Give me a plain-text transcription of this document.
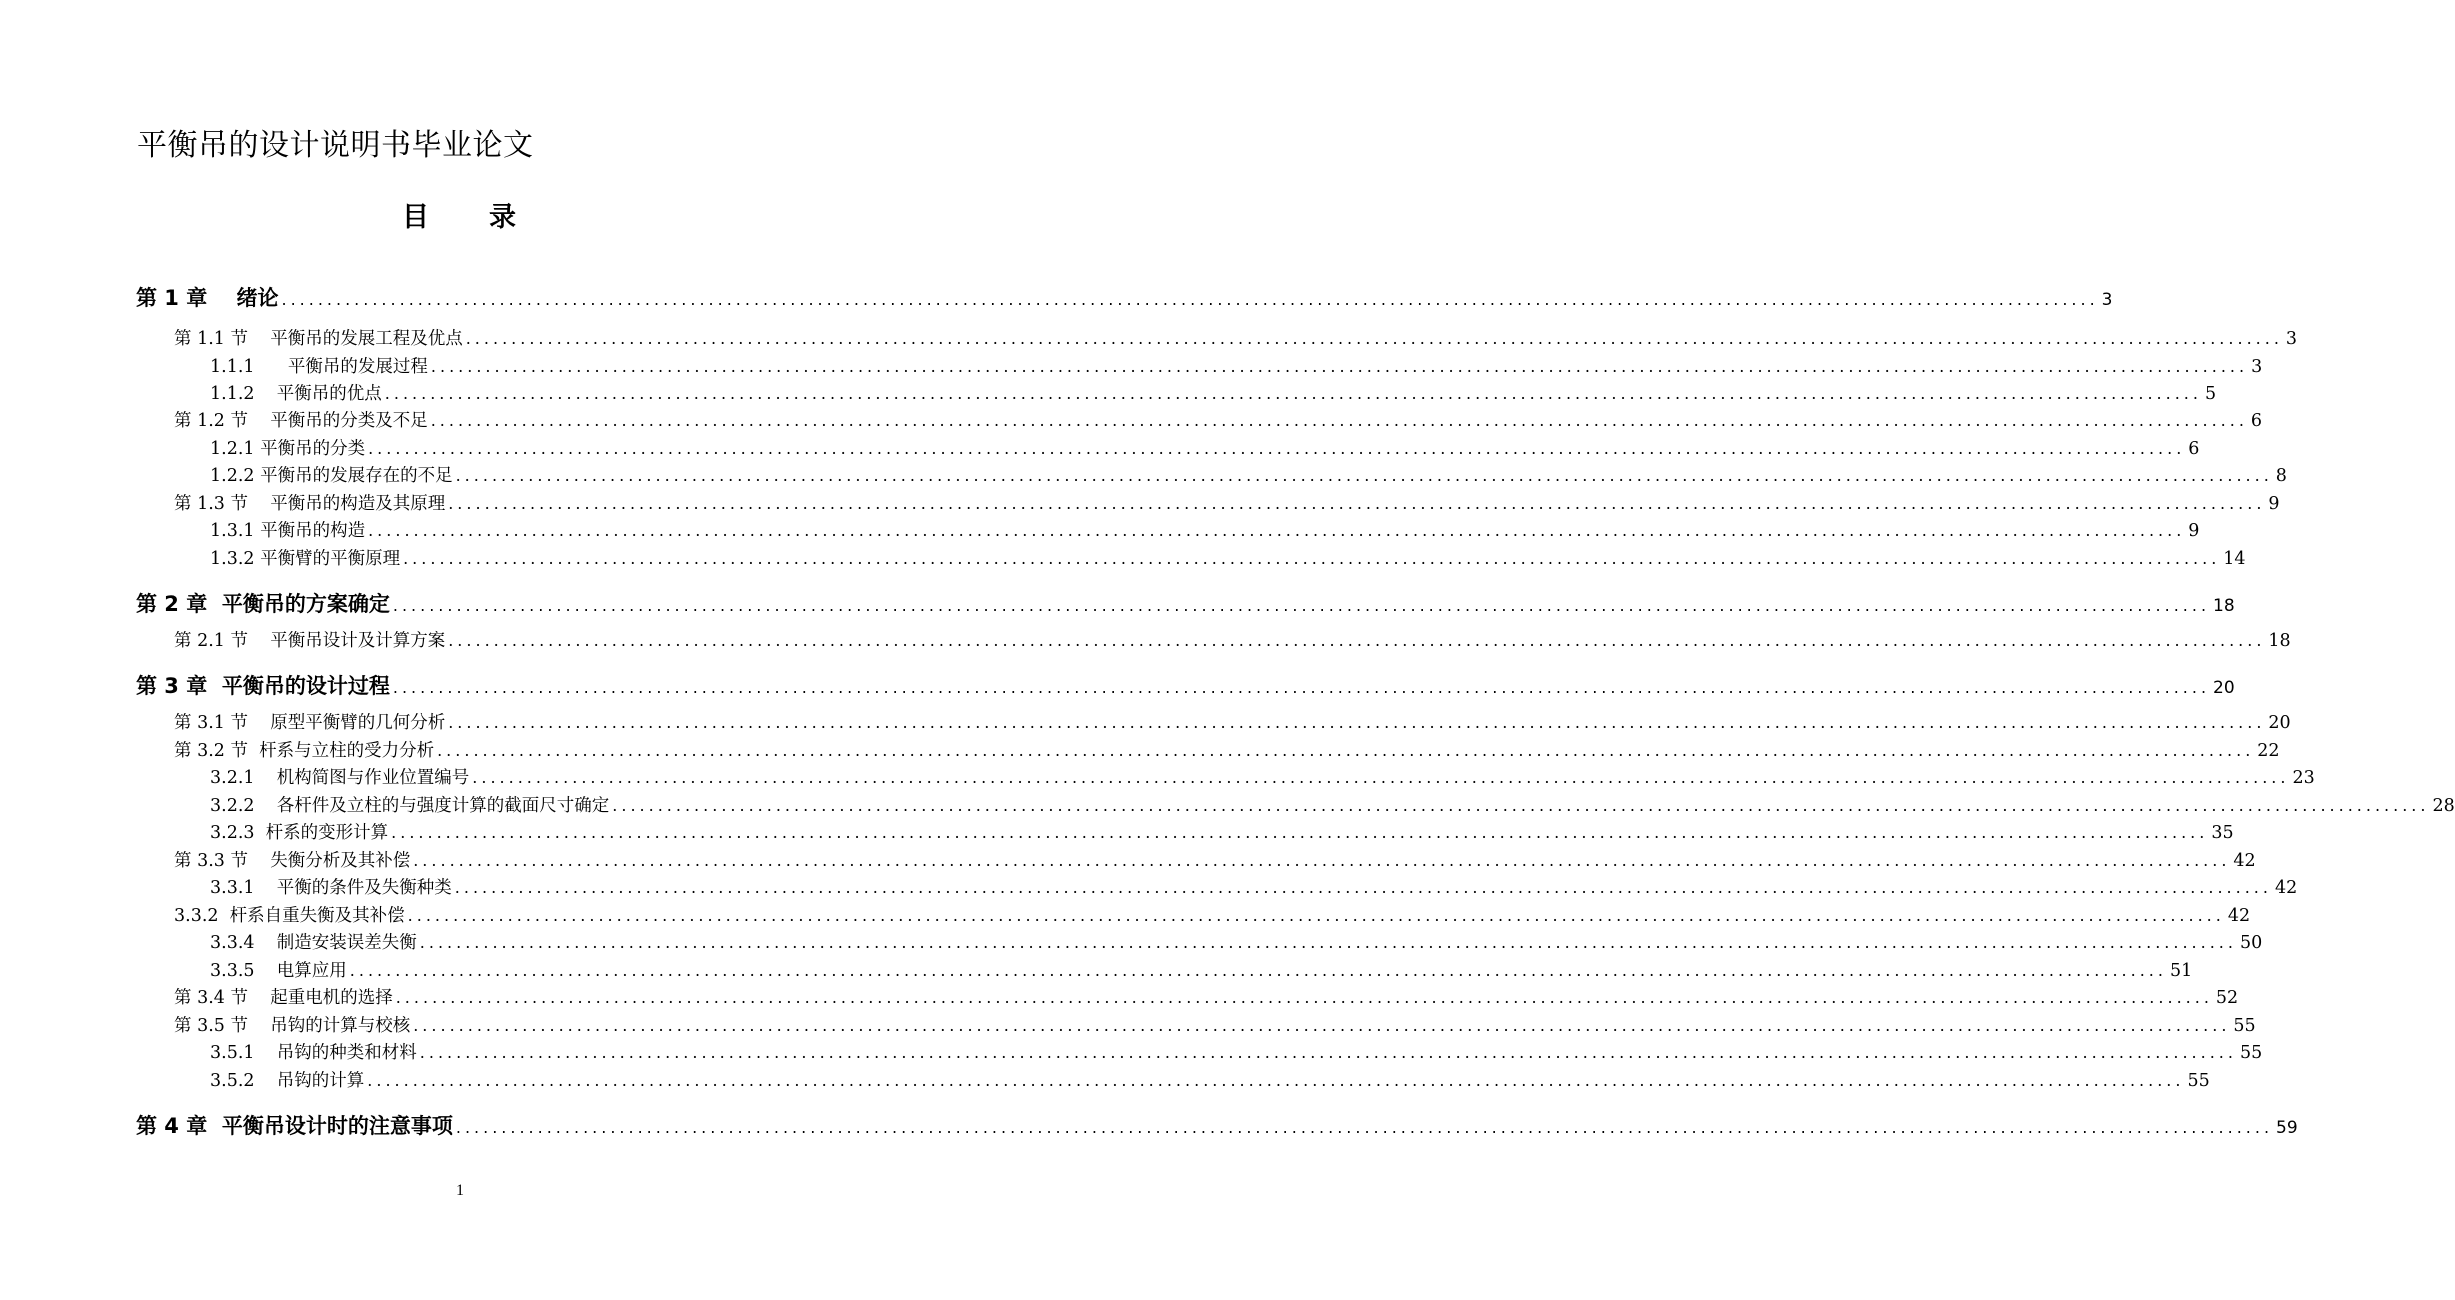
平衡吊的设计说明书毕业论文
目 录
第 1 章    绪论 ........................................................................................................................................................................................................ 3
第 1.1 节    平衡吊的发展工程及优点 ........................................................................................................................................................................................................ 3
1.1.1      平衡吊的发展过程 ........................................................................................................................................................................................................ 3
1.1.2    平衡吊的优点 ........................................................................................................................................................................................................ 5
第 1.2 节    平衡吊的分类及不足 ........................................................................................................................................................................................................ 6
1.2.1 平衡吊的分类 ........................................................................................................................................................................................................ 6
1.2.2 平衡吊的发展存在的不足 ........................................................................................................................................................................................................ 8
第 1.3 节    平衡吊的构造及其原理 ........................................................................................................................................................................................................ 9
1.3.1 平衡吊的构造 ........................................................................................................................................................................................................ 9
1.3.2 平衡臂的平衡原理 ........................................................................................................................................................................................................ 14
第 2 章  平衡吊的方案确定 ........................................................................................................................................................................................................ 18
第 2.1 节    平衡吊设计及计算方案 ........................................................................................................................................................................................................ 18
第 3 章  平衡吊的设计过程 ........................................................................................................................................................................................................ 20
第 3.1 节    原型平衡臂的几何分析 ........................................................................................................................................................................................................ 20
第 3.2 节  杆系与立柱的受力分析 ........................................................................................................................................................................................................ 22
3.2.1    机构简图与作业位置编号 ........................................................................................................................................................................................................ 23
3.2.2    各杆件及立柱的与强度计算的截面尺寸确定 ........................................................................................................................................................................................................ 28
3.2.3  杆系的变形计算 ........................................................................................................................................................................................................ 35
第 3.3 节    失衡分析及其补偿 ........................................................................................................................................................................................................ 42
3.3.1    平衡的条件及失衡种类 ........................................................................................................................................................................................................ 42
3.3.2  杆系自重失衡及其补偿 ........................................................................................................................................................................................................ 42
3.3.4    制造安装误差失衡 ........................................................................................................................................................................................................ 50
3.3.5    电算应用 ........................................................................................................................................................................................................ 51
第 3.4 节    起重电机的选择 ........................................................................................................................................................................................................ 52
第 3.5 节    吊钩的计算与校核 ........................................................................................................................................................................................................ 55
3.5.1    吊钩的种类和材料 ........................................................................................................................................................................................................ 55
3.5.2    吊钩的计算 ........................................................................................................................................................................................................ 55
第 4 章  平衡吊设计时的注意事项 ........................................................................................................................................................................................................ 59
1
